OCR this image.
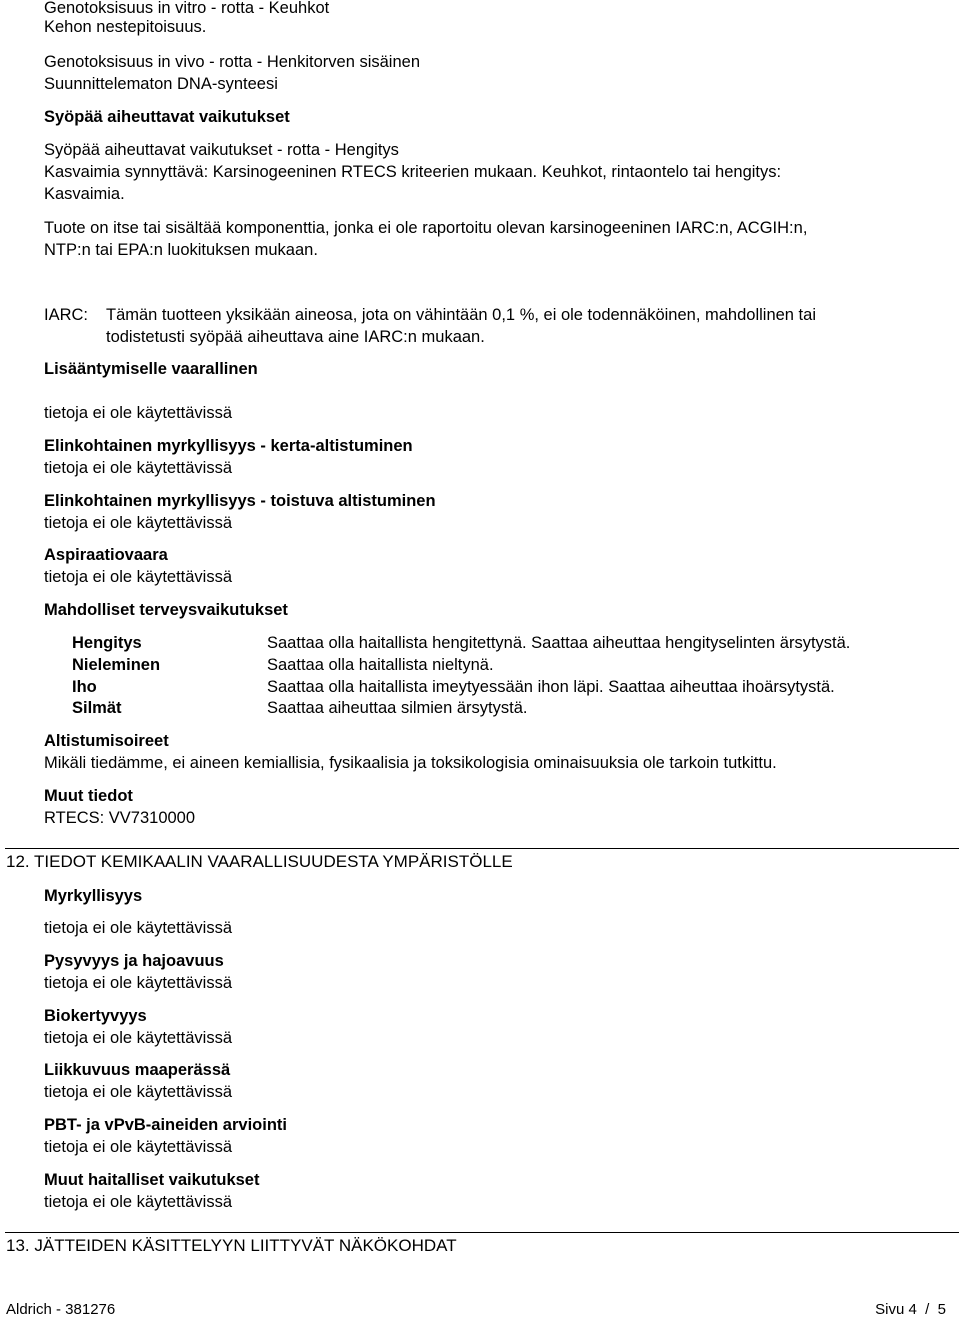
Genotoksisuus in vitro - rotta - Keuhkot
Kehon nestepitoisuus.
Genotoksisuus in vivo - rotta - Henkitorven sisäinen
Suunnittelematon DNA-synteesi
Syöpää aiheuttavat vaikutukset
Syöpää aiheuttavat vaikutukset - rotta - Hengitys
Kasvaimia synnyttävä: Karsinogeeninen RTECS kriteerien mukaan. Keuhkot, rintaontelo tai hengitys:
Kasvaimia.
Tuote on itse tai sisältää komponenttia, jonka ei ole raportoitu olevan karsinogeeninen IARC:n, ACGIH:n,
NTP:n tai EPA:n luokituksen mukaan.
IARC: Tämän tuotteen yksikään aineosa, jota on vähintään 0,1 %, ei ole todennäköinen, mahdollinen tai
todistetusti syöpää aiheuttava aine IARC:n mukaan.
Lisääntymiselle vaarallinen
tietoja ei ole käytettävissä
Elinkohtainen myrkyllisyys - kerta-altistuminen
tietoja ei ole käytettävissä
Elinkohtainen myrkyllisyys - toistuva altistuminen
tietoja ei ole käytettävissä
Aspiraatiovaara
tietoja ei ole käytettävissä
Mahdolliset terveysvaikutukset
Hengitys	Saattaa olla haitallista hengitettynä. Saattaa aiheuttaa hengityselinten ärsytystä.
Nieleminen	Saattaa olla haitallista nieltynä.
Iho	Saattaa olla haitallista imeytyessään ihon läpi. Saattaa aiheuttaa ihoärsytystä.
Silmät	Saattaa aiheuttaa silmien ärsytystä.
Altistumisoireet
Mikäli tiedämme, ei aineen kemiallisia, fysikaalisia ja toksikologisia ominaisuuksia ole tarkoin tutkittu.
Muut tiedot
RTECS: VV7310000
12. TIEDOT KEMIKAALIN VAARALLISUUDESTA YMPÄRISTÖLLE
Myrkyllisyys
tietoja ei ole käytettävissä
Pysyvyys ja hajoavuus
tietoja ei ole käytettävissä
Biokertyvyys
tietoja ei ole käytettävissä
Liikkuvuus maaperässä
tietoja ei ole käytettävissä
PBT- ja vPvB-aineiden arviointi
tietoja ei ole käytettävissä
Muut haitalliset vaikutukset
tietoja ei ole käytettävissä
13. JÄTTEIDEN KÄSITTELYYN LIITTYVÄT NÄKÖKOHDAT
Aldrich - 381276	Sivu 4  /  5
